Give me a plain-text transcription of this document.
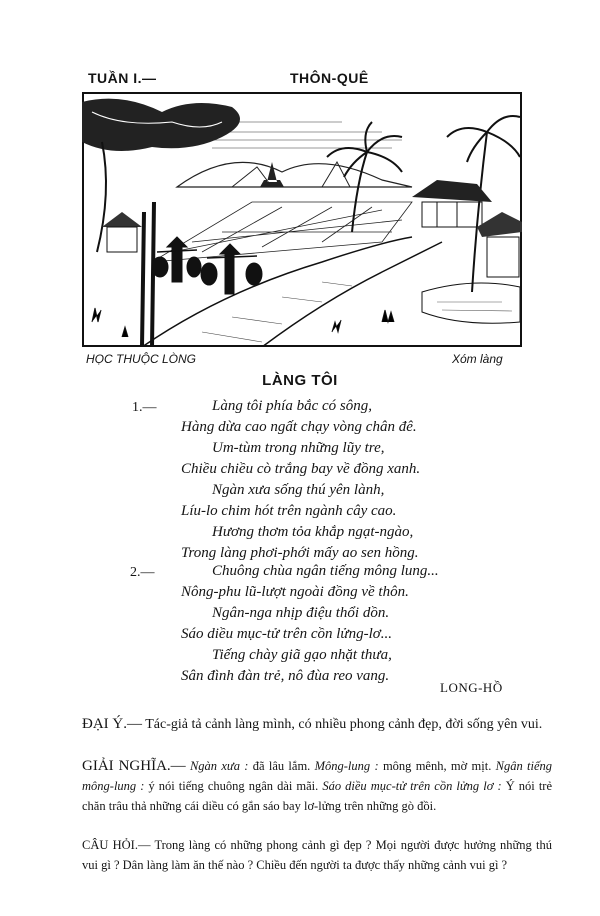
TUẦN I.—	THÔN-QUÊ
HỌC THUỘC LÒNG	Xóm làng
LÀNG TÔI
1.—	Làng tôi phía bắc có sông,
Hàng dừa cao ngất chạy vòng chân đê.
Um-tùm trong những lũy tre,
Chiều chiều cò trắng bay về đồng xanh.
Ngàn xưa sống thú yên lành,
Líu-lo chim hót trên ngành cây cao.
Hương thơm tỏa khắp ngạt-ngào,
Trong làng phơi-phới mấy ao sen hồng.
2.—	Chuông chùa ngân tiếng mông lung...
Nông-phu lũ-lượt ngoài đồng về thôn.
Ngân-nga nhịp điệu thổi dồn.
Sáo diều mục-tử trên cồn lửng-lơ...
Tiếng chày giã gạo nhặt thưa,
Sân đình đàn trẻ, nô đùa reo vang.
LONG-HỒ
ĐẠI Ý.— Tác-giả tả cảnh làng mình, có nhiều phong cảnh đẹp, đời sống yên vui.
GIẢI NGHĨA.— Ngàn xưa : đã lâu lắm. Mông-lung : mông mênh, mờ mịt. Ngân tiếng mông-lung : ý nói tiếng chuông ngân dài mãi. Sáo diều mục-tử trên cồn lửng lơ : Ý nói trẻ chăn trâu thả những cái diều có gắn sáo bay lơ-lửng trên những gò đồi.
CÂU HỎI.— Trong làng có những phong cảnh gì đẹp ? Mọi người được hưởng những thú vui gì ? Dân làng làm ăn thế nào ? Chiều đến người ta được thấy những cảnh vui gì ?
